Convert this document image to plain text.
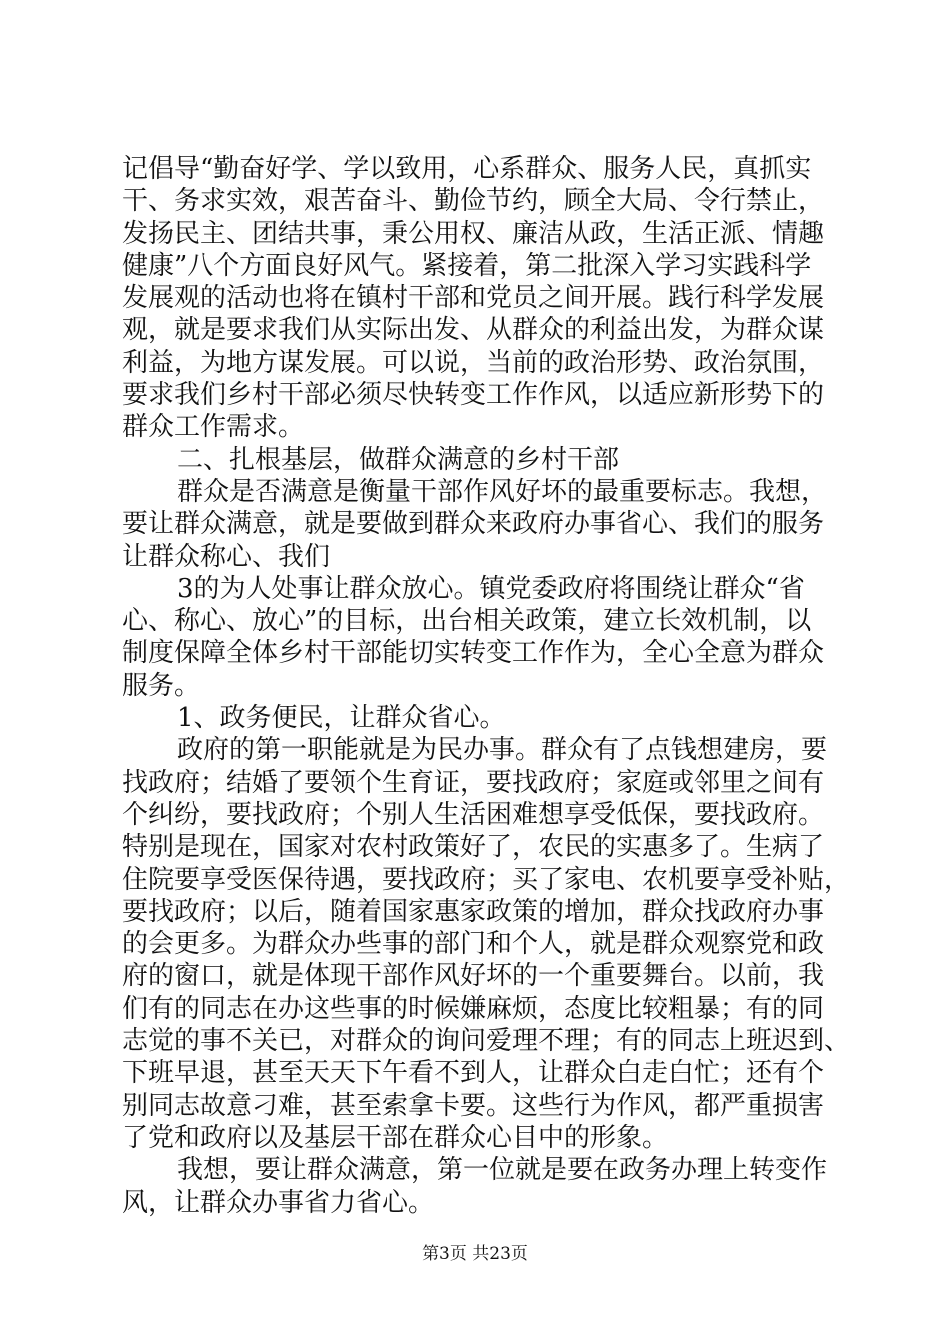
记倡导“勤奋好学、学以致用，心系群众、服务人民，真抓实
干、务求实效，艰苦奋斗、勤俭节约，顾全大局、令行禁止，
发扬民主、团结共事，秉公用权、廉洁从政，生活正派、情趣
健康”八个方面良好风气。紧接着，第二批深入学习实践科学
发展观的活动也将在镇村干部和党员之间开展。践行科学发展
观，就是要求我们从实际出发、从群众的利益出发，为群众谋
利益，为地方谋发展。可以说，当前的政治形势、政治氛围，
要求我们乡村干部必须尽快转变工作作风，以适应新形势下的
群众工作需求。
二、扎根基层，做群众满意的乡村干部
群众是否满意是衡量干部作风好坏的最重要标志。我想，
要让群众满意，就是要做到群众来政府办事省心、我们的服务
让群众称心、我们
3的为人处事让群众放心。镇党委政府将围绕让群众“省
心、称心、放心”的目标，出台相关政策，建立长效机制，以
制度保障全体乡村干部能切实转变工作作为，全心全意为群众
服务。
1、政务便民，让群众省心。
政府的第一职能就是为民办事。群众有了点钱想建房，要
找政府；结婚了要领个生育证，要找政府；家庭或邻里之间有
个纠纷，要找政府；个别人生活困难想享受低保，要找政府。
特别是现在，国家对农村政策好了，农民的实惠多了。生病了
住院要享受医保待遇，要找政府；买了家电、农机要享受补贴，
要找政府；以后，随着国家惠家政策的增加，群众找政府办事
的会更多。为群众办些事的部门和个人，就是群众观察党和政
府的窗口，就是体现干部作风好坏的一个重要舞台。以前，我
们有的同志在办这些事的时候嫌麻烦，态度比较粗暴；有的同
志觉的事不关已，对群众的询问爱理不理；有的同志上班迟到、
下班早退，甚至天天下午看不到人，让群众白走白忙；还有个
别同志故意刁难，甚至索拿卡要。这些行为作风，都严重损害
了党和政府以及基层干部在群众心目中的形象。
我想，要让群众满意，第一位就是要在政务办理上转变作
风，让群众办事省力省心。
第3页 共23页
